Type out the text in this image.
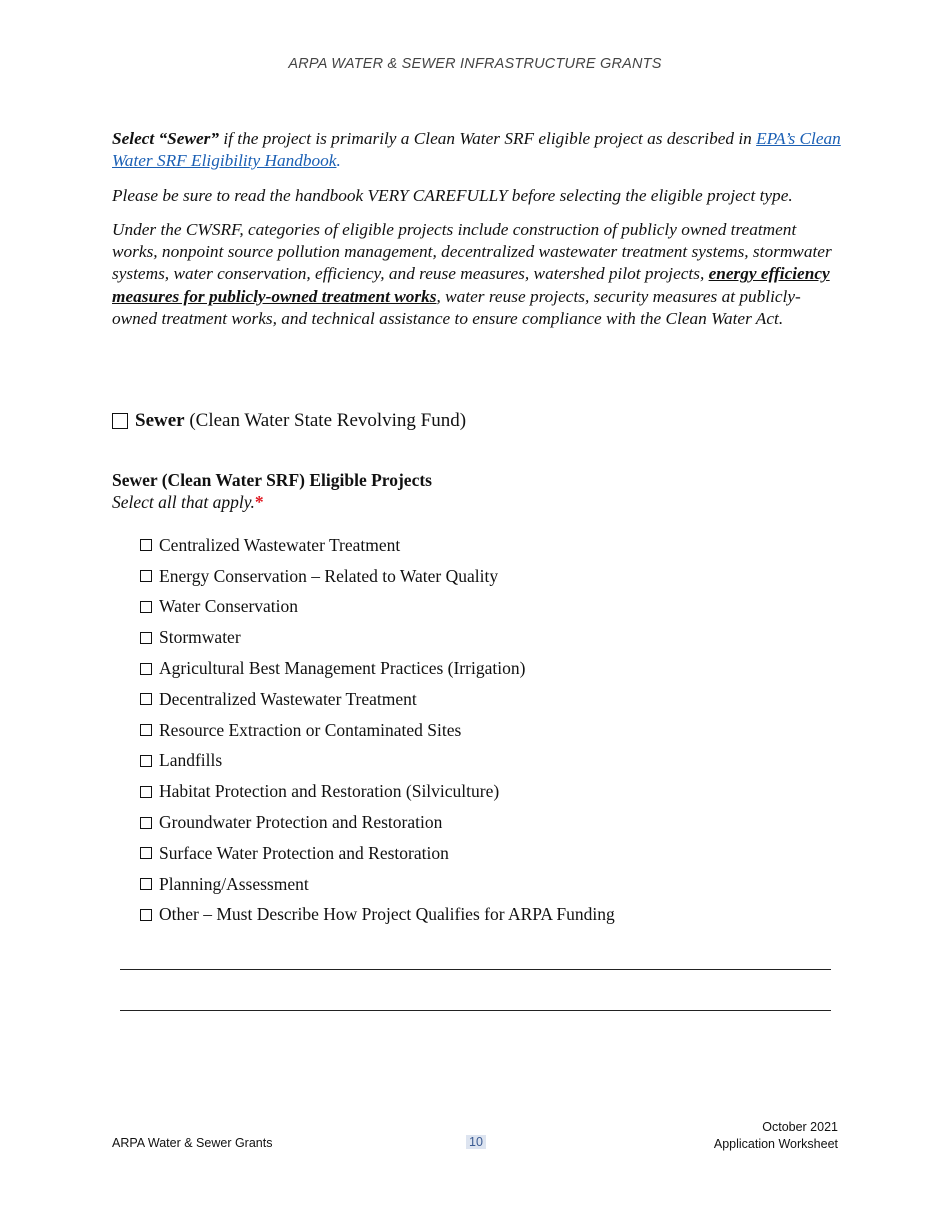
ARPA WATER & SEWER INFRASTRUCTURE GRANTS

Select “Sewer” if the project is primarily a Clean Water SRF eligible project as described in EPA’s Clean Water SRF Eligibility Handbook.

Please be sure to read the handbook VERY CAREFULLY before selecting the eligible project type.

Under the CWSRF, categories of eligible projects include construction of publicly owned treatment works, nonpoint source pollution management, decentralized wastewater treatment systems, stormwater systems, water conservation, efficiency, and reuse measures, watershed pilot projects, energy efficiency measures for publicly-owned treatment works, water reuse projects, security measures at publicly-owned treatment works, and technical assistance to ensure compliance with the Clean Water Act.

Sewer (Clean Water State Revolving Fund)
Sewer (Clean Water SRF) Eligible Projects
Select all that apply.*
Centralized Wastewater Treatment
Energy Conservation – Related to Water Quality
Water Conservation
Stormwater
Agricultural Best Management Practices (Irrigation)
Decentralized Wastewater Treatment
Resource Extraction or Contaminated Sites
Landfills
Habitat Protection and Restoration (Silviculture)
Groundwater Protection and Restoration
Surface Water Protection and Restoration
Planning/Assessment
Other – Must Describe How Project Qualifies for ARPA Funding
ARPA Water & Sewer Grants	10
October 2021
Application Worksheet
